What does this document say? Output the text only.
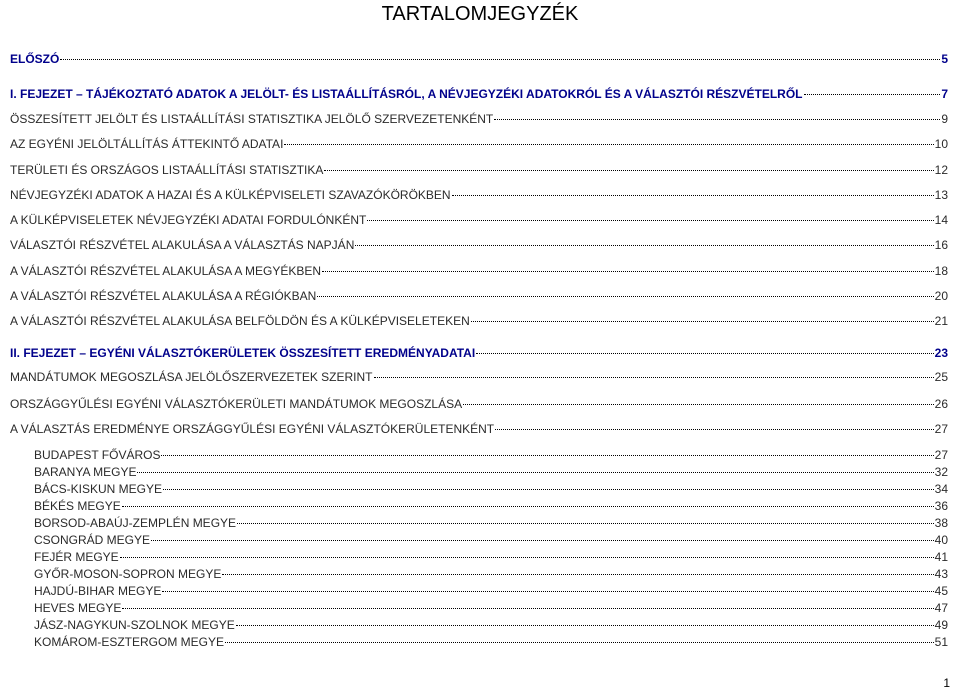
TARTALOMJEGYZÉK
ELŐSZÓ	5
I. FEJEZET – TÁJÉKOZTATÓ ADATOK A JELÖLT- ÉS LISTAÁLLÍTÁSRÓL, A NÉVJEGYZÉKI ADATOKRÓL ÉS A VÁLASZTÓI RÉSZVÉTELRŐL	7
ÖSSZESÍTETT JELÖLT ÉS LISTAÁLLÍTÁSI STATISZTIKA JELÖLŐ SZERVEZETENKÉNT	9
AZ EGYÉNI JELÖLTÁLLÍTÁS ÁTTEKINTŐ ADATAI	10
TERÜLETI ÉS ORSZÁGOS LISTAÁLLÍTÁSI STATISZTIKA	12
NÉVJEGYZÉKI ADATOK A HAZAI ÉS A KÜLKÉPVISELETI SZAVAZÓKÖRÖKBEN	13
A KÜLKÉPVISELETEK NÉVJEGYZÉKI ADATAI FORDULÓNKÉNT	14
VÁLASZTÓI RÉSZVÉTEL ALAKULÁSA A VÁLASZTÁS NAPJÁN	16
A VÁLASZTÓI RÉSZVÉTEL ALAKULÁSA A MEGYÉKBEN	18
A VÁLASZTÓI RÉSZVÉTEL ALAKULÁSA A RÉGIÓKBAN	20
A VÁLASZTÓI RÉSZVÉTEL ALAKULÁSA BELFÖLDÖN ÉS A KÜLKÉPVISELETEKEN	21
II. FEJEZET – EGYÉNI VÁLASZTÓKERÜLETEK ÖSSZESÍTETT EREDMÉNYADATAI	23
MANDÁTUMOK MEGOSZLÁSA JELÖLŐSZERVEZETEK SZERINT	25
ORSZÁGGYŰLÉSI EGYÉNI VÁLASZTÓKERÜLETI MANDÁTUMOK MEGOSZLÁSA	26
A VÁLASZTÁS EREDMÉNYE ORSZÁGGYŰLÉSI EGYÉNI VÁLASZTÓKERÜLETENKÉNT	27
BUDAPEST FŐVÁROS	27
BARANYA MEGYE	32
BÁCS-KISKUN MEGYE	34
BÉKÉS MEGYE	36
BORSOD-ABAÚJ-ZEMPLÉN MEGYE	38
CSONGRÁD MEGYE	40
FEJÉR MEGYE	41
GYŐR-MOSON-SOPRON MEGYE	43
HAJDÚ-BIHAR MEGYE	45
HEVES MEGYE	47
JÁSZ-NAGYKUN-SZOLNOK MEGYE	49
KOMÁROM-ESZTERGOM MEGYE	51
1
